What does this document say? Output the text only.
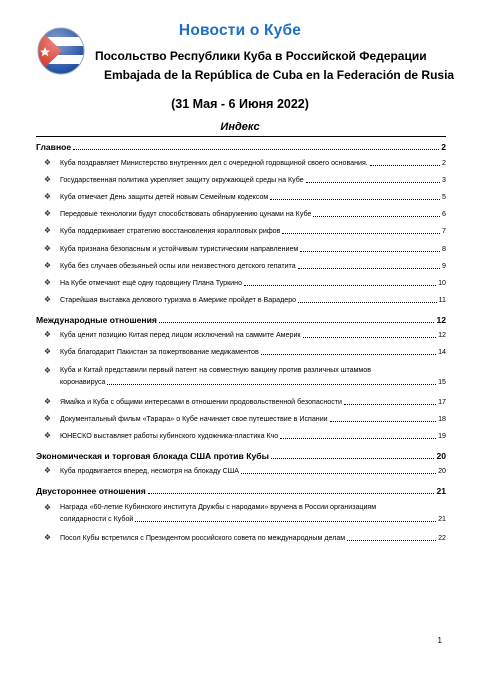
Новости о Кубе
Посольство Республики Куба в Российской Федерации
Embajada de la República de Cuba en la Federación de Rusia
(31 Мая - 6 Июня 2022)
Индекс
Главное	2
❖	Куба поздравляет Министерство внутренних дел с очередной годовщиной своего основания.	2
❖	Государственная политика укрепляет защиту окружающей среды на Кубе	3
❖	Куба отмечает День защиты детей новым Семейным кодексом	5
❖	Передовые технологии будут способствовать обнаружению цунами на Кубе	6
❖	Куба поддерживает стратегию восстановления коралловых рифов	7
❖	Куба признана безопасным и устойчивым туристическим направлением	8
❖	Куба без случаев обезьяньей оспы или неизвестного детского гепатита	9
❖	На Кубе отмечают ещё одну годовщину Плана Туркино	10
❖	Старейшая выставка делового туризма в Америке пройдет в Варадеро	11
Международные отношения	12
❖	Куба ценит позицию Китая перед лицом исключений на саммите Америк	12
❖	Куба благодарит Пакистан за пожертвование медикаментов	14
❖	Куба и Китай представили первый патент на совместную вакцину против различных штаммов
коронавируса	15
❖	Ямайка и Куба с общими интересами в отношении продовольственной безопасности	17
❖	Документальный фильм «Тарара» о Кубе начинает свое путешествие в Испании	18
❖	ЮНЕСКО выставляет работы кубинского художника-пластика Кчо	19
Экономическая и торговая блокада США против Кубы	20
❖	Куба продвигается вперед, несмотря на блокаду США	20
Двустороннее отношения	21
❖	Награда «60-летие Кубинского института Дружбы с народами» вручена в России организациям
солидарности с Кубой	21
❖	Посол Кубы встретился с Президентом российского совета по международным делам	22
1
